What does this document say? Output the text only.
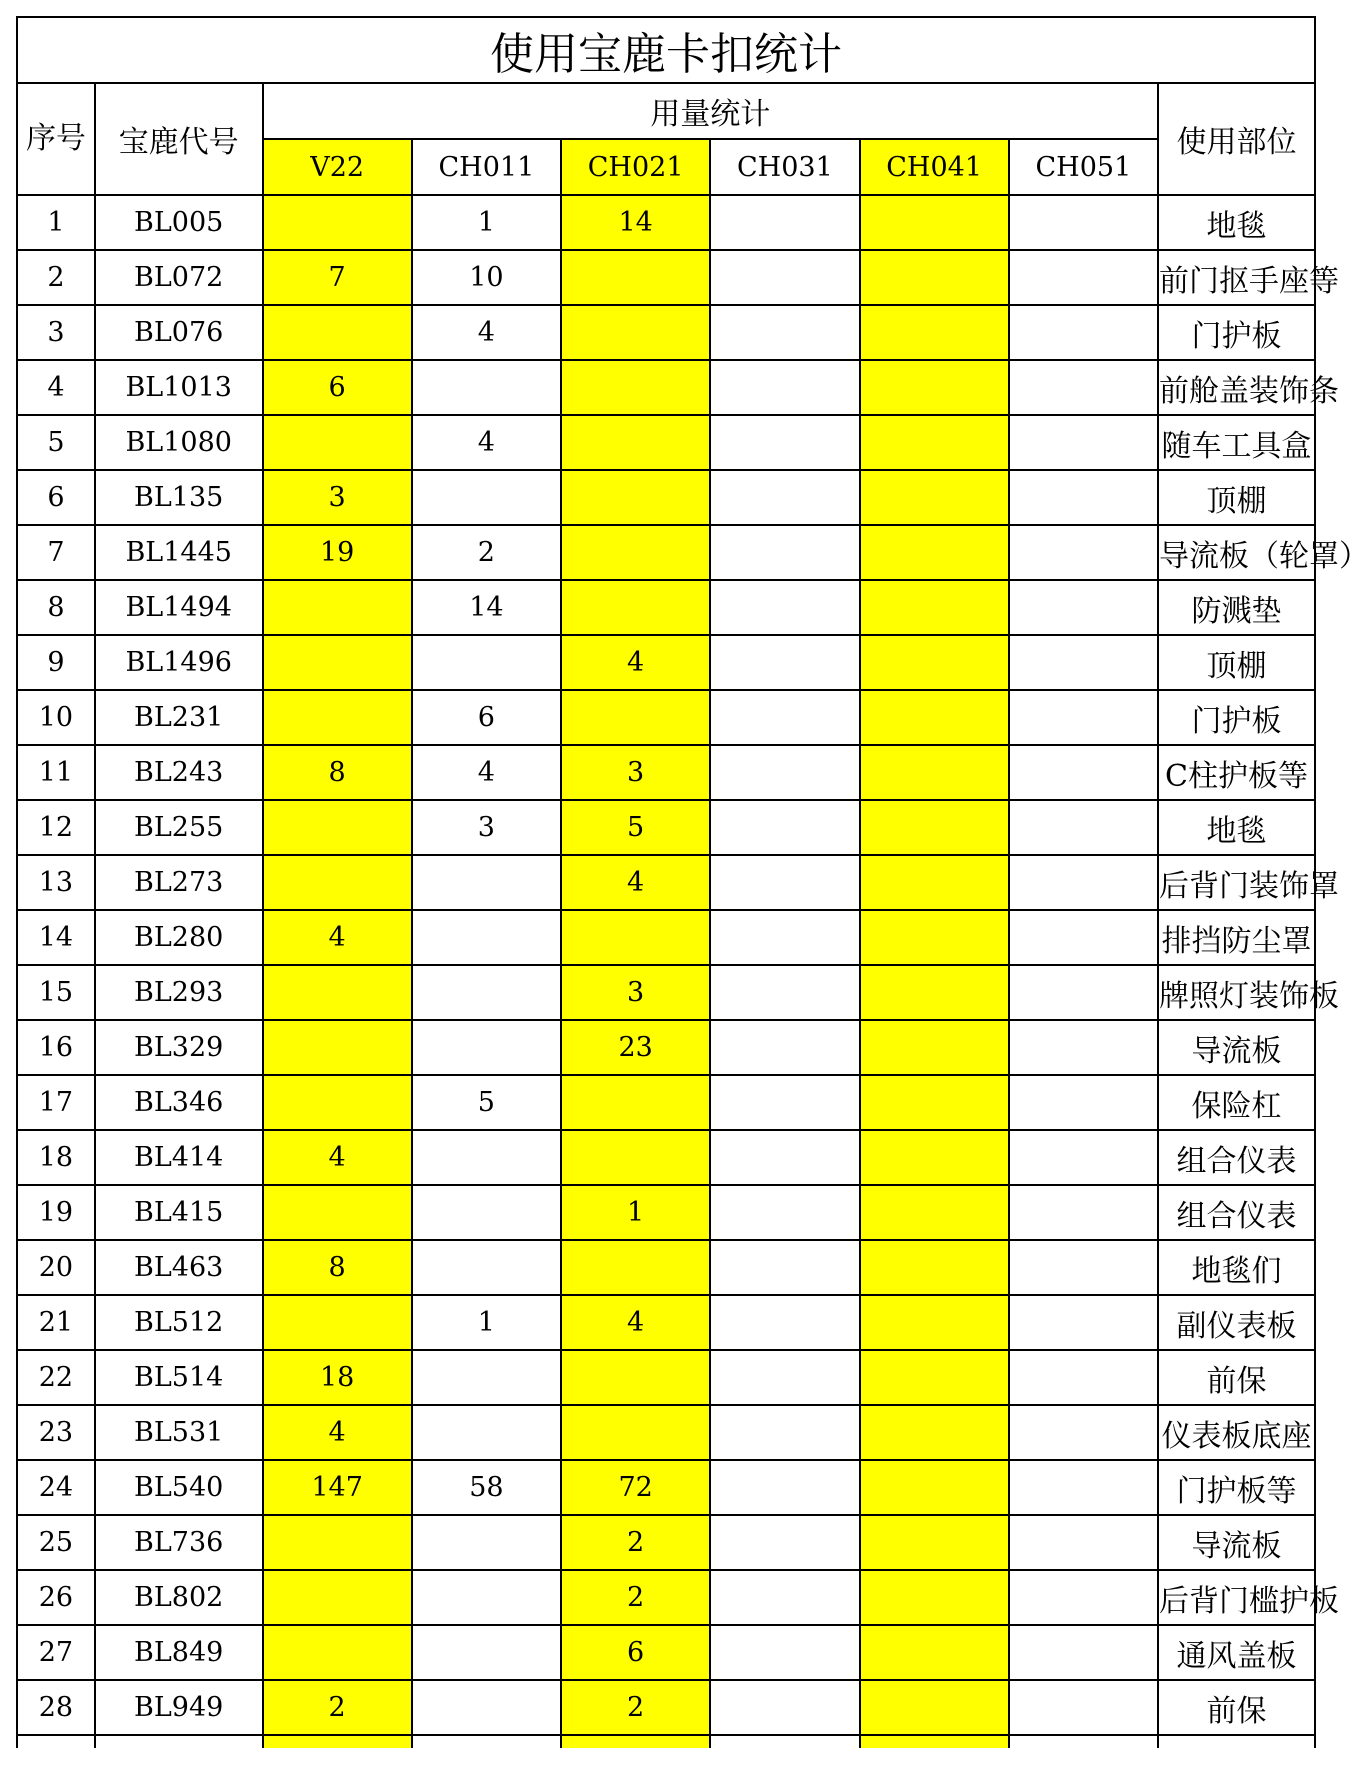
使用宝鹿卡扣统计								
序号	宝鹿代号	用量统计						使用部位
		V22	CH011	CH021	CH031	CH041	CH051	
1	BL005		1	14				地毯
2	BL072	7	10					前门抠手座等
3	BL076		4					门护板
4	BL1013	6						前舱盖装饰条
5	BL1080		4					随车工具盒
6	BL135	3						顶棚
7	BL1445	19	2					导流板（轮罩）
8	BL1494		14					防溅垫
9	BL1496			4				顶棚
10	BL231		6					门护板
11	BL243	8	4	3				C柱护板等
12	BL255		3	5				地毯
13	BL273			4				后背门装饰罩
14	BL280	4						排挡防尘罩
15	BL293			3				牌照灯装饰板
16	BL329			23				导流板
17	BL346		5					保险杠
18	BL414	4						组合仪表
19	BL415			1				组合仪表
20	BL463	8						地毯们
21	BL512		1	4				副仪表板
22	BL514	18						前保
23	BL531	4						仪表板底座
24	BL540	147	58	72				门护板等
25	BL736			2				导流板
26	BL802			2				后背门槛护板
27	BL849			6				通风盖板
28	BL949	2		2				前保
